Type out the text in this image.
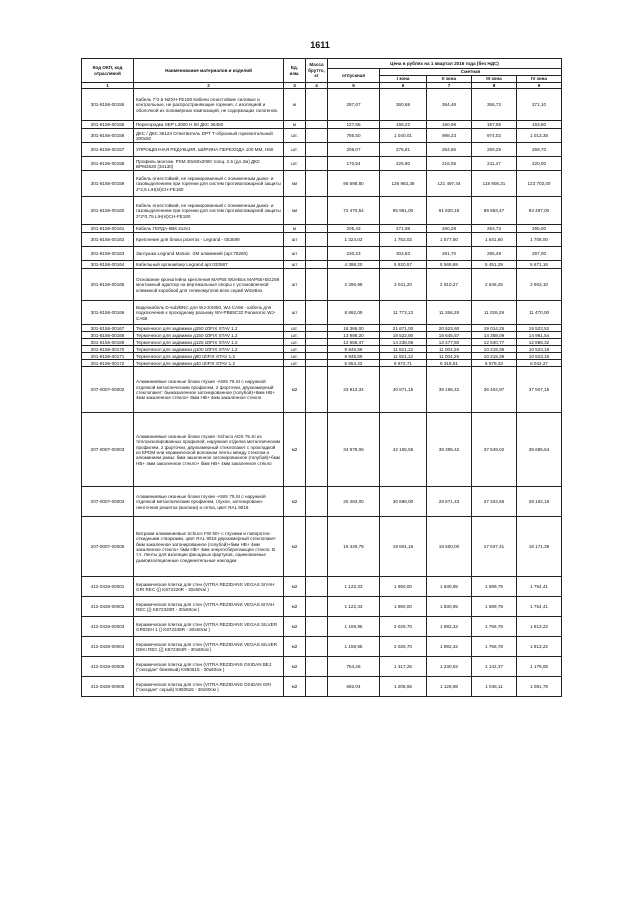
1611
Код ОКП, код отраслевой	Наименование материалов и изделий	Ед. изм.	Масса брутто, кг	Цена в рублях на 1 квартал 2016 года (без НДС)				
				отпускная	Сметная			
					I зона	II зона	III зона	IV зона
1	2	3	4	5	6	7	8	9
301-8156-00155	Кабель 7*2.5 NZXH-FE180 Кабели огнестойкие силовые и контрольные, не распространяющие горения, с изоляцией и оболочкой из полимерных композиций, не содержащих галогенов.	м		287,67	360,68	364,48	356,72	371,10
301-8156-00156	Перегородка SEP L3000 H 50 ДКС 36480	м		127,65	168,22	160,98	157,55	163,90
301-8156-00156	ДКС / ДКС 36124 Ответвитель DPT Т-образный горизонтальный 200х50	шт.		785,50	1 040,01	998,23	974,02	1 013,38
301-8156-00157	УПРОЩЕННАЯ РЕДУКЦИЯ, ШИРИНА ПЕРЕХОДА 100 ММ, Н50	шт.		209,07	276,81	264,66	259,25	269,70
301-8156-00158	Профиль монтаж. PSM 30х50х2000 толщ. 2.5 (дл.2м) ДКС BPM2520 (34130)	шт.		170,54	225,80	216,05	211,47	220,00
301-8156-00159	Кабель огнестойкий, не экранированный с пониженным дымо- и газовыделением при горении для систем противопожарной защиты 2*2,5 LIH(st)CH-FE180	км		95 698,80	126 983,39	121 497,44	118 908,31	123 703,00
301-8156-00160	Кабель огнестойкий, не экранированный с пониженным дымо- и газовыделением при горении для систем противопожарной защиты 2*2*0,75 LIH(st)CH-FE180	км		72 470,54	95 961,00	91 620,18	89 863,47	93 487,00
301-8156-00161	Кабель ГЕРДА-КВК 2х2х1	м		205,43	271,98	260,28	254,73	265,00
301-8156-00162	Крепление для блока розеток - Legrand - 053599	шт		1 324,02	1 753,02	1 677,50	1 641,80	1 708,00
301-8156-00163	Заглушка Legrand Mosaic -2М алюминий (арт.78260)	шт		230,23	304,83	291,70	285,49	297,00
301-8156-00164	Кабельный органайзер Legrand арт.033587	шт		4 398,20	5 820,57	5 569,89	5 451,29	5 671,16
301-8156-00165	Основание кронштейна крепления MAP55 WizeBox MAP55+BG259 монтажный адаптер на вертикальные опоры с установленной клеммной коробкой для телекомуплов всех серий WizeBox	шт		2 296,98	3 041,20	2 910,27	2 848,25	2 963,10
301-8156-00166	Видеокабель D-sub/BNC для WJ-SX650, WJ-CA66 - кабель для подключения к проходному разъему WV-PB65C32 Panasonic WJ-CA68	шт		8 892,09	11 773,13	11 266,28	11 026,29	11 470,00
301-8156-00167	Термочехол для задвижки д250 IZIFIX STAV 1.2	шт.		16 366,00	21 671,00	20 523,60	19 014,25	19 523,52
301-8156-00168	Термочехол для задвижки д150 IZIFIX STAV 1.2	шт.		13 998,20	18 522,80	15 645,57	14 358,09	14 961,54
301-8156-00169	Термочехол для задвижки д125 IZIFIX STAV 1.2	шт.		12 658,47	14 238,06	13 477,50	12 540,77	12 888,32
301-8156-00170	Термочехол для задвижки д100 IZIFIX STAV 1.2	шт.		9 845,59	11 821,12	11 004,26	10 219,39	10 523,16
301-8156-00171	Термочехол для задвижки д80 IZIFIX STAV 1.2	шт.		9 845,59	11 821,12	11 004,26	10 219,39	10 523,16
301-8156-00172	Термочехол для задвижки д40 IZIFIX STAV 1.2	шт.		5 653,22	6 672,71	6 318,51	5 879,33	6 042,27
207-0007-00002	Алюминиевые оконные блоки глухие -AWS 75.SI с наружной отделкой металлическим профилем, 2 форточки, двухкамерный стеклопакет: бымазаленное затонированное (голубой)+6мм HB+ 4мм закаленное стекло+ 6мм HB+ 4мм закаленное стекло	м2		33 912,34	40 871,15	38 165,42	36 404,97	37 507,15
207-0007-00003	Алюминиевые оконные блоки глухие -Schuco ADS 75.SI из теплоизолированных профилей, наружная отделка металлическим профилем, 2 форточки, двухкамерный стеклопакет с прокладкой из EPDM или керамической волокном ленты между стеклом и алюминием рамы: бмм закаленное затонированное (голубой)+бмм HB+ 4мм закаленное стекло+ бмм HB+ 4мм закаленное стекло	м2		34 978,06	42 155,55	38 395,42	37 549,02	38 685,64
207-0007-00004	Алюминиевые оконные блоки глухие -AWS 75.SI с наружной отделкой металлическим профилем, глухое, затонировано-ленточная решетка (жалюзи) и сетка, цвет RAL 9016	м2		25 463,00	30 688,00	28 671,43	27 334,56	28 162,16
207-0007-00005	Витражи алюминиевые Schuco FW 50+ с глухими и поворотно-откидными створками, цвет RAL 9016 двухкамерный стеклопакет бмм закаленное затонированное (голубой)+бмм HB+ 4мм закаленное стекло+ бмм HB+ 4мм энергосберегающее стекло. В т.ч. Ленты для изоляции фасадных фартуков, оцинкованные дымоизоляционные соединительные накладки	м2		16 429,79	19 801,16	18 500,00	17 637,41	18 171,39
412-0426-00001	Керамическая плитка для стен (VITRA REZIDANS VEGAS SIYAH GRI REC (() K872320R - 30x60см )	м2		1 122,33	1 960,00	1 830,95	1 699,79	1 754,41
412-0426-00002	Керамическая плитка для стен (VITRA REZIDANS VEGAS SIYAH REC (() K872320R - 30x60см )	м2		1 122,33	1 960,00	1 830,95	1 699,79	1 754,41
412-0426-00003	Керамическая плитка для стен (VITRA REZIDANS VEGAS SILVER GRIDEH 1 () K872348R - 30x60см )	м2		1 159,95	2 025,70	1 892,32	1 756,78	1 813,22
412-0426-00004	Керамическая плитка для стен (VITRA REZIDANS VEGAS SILVER DEKI REC (() K872364R - 30x60см )	м2		1 159,95	2 025,70	1 892,32	1 756,78	1 813,22
412-0426-00005	Керамическая плитка для стен (VITRA REZIDANS OXIDAN BEJ ("оксидан" бежевый) K850515 - 30x60см )	м2		754,26	1 317,25	1 230,52	1 142,37	1 179,08
412-0426-00006	Керамическая плитка для стен (VITRA REZIDANS OXIDAN GRI ("оксидан" серый) K850526 - 30x60см )	м2		692,04	1 208,55	1 128,98	1 048,11	1 081,78
